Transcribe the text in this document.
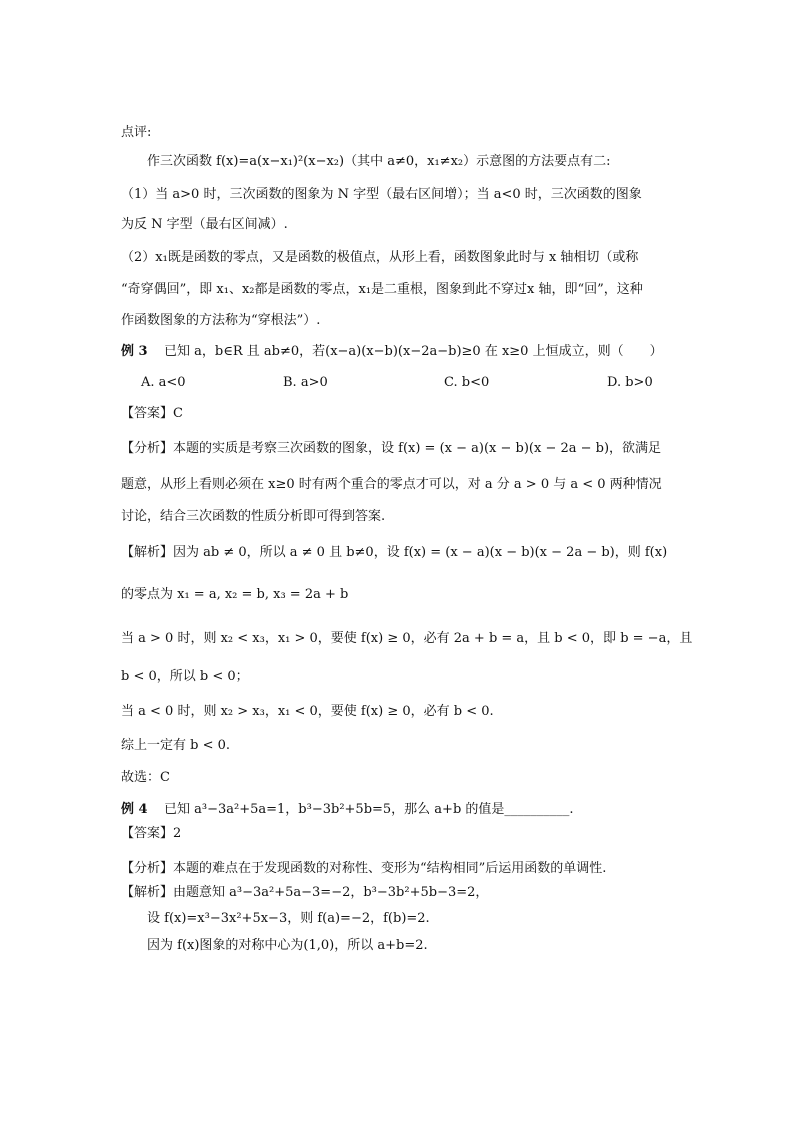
点评:
作三次函数 f(x)=a(x−x₁)²(x−x₂)（其中 a≠0，x₁≠x₂）示意图的方法要点有二:
（1）当 a>0 时，三次函数的图象为 N 字型（最右区间增）；当 a<0 时，三次函数的图象
为反 N 字型（最右区间减）.
（2）x₁既是函数的零点，又是函数的极值点，从形上看，函数图象此时与 x 轴相切（或称
“奇穿偶回”，即 x₁、x₂都是函数的零点，x₁是二重根，图象到此不穿过x 轴，即“回”，这种
作函数图象的方法称为“穿根法”）.
例 3 已知 a，b∈R 且 ab≠0，若(x−a)(x−b)(x−2a−b)≥0 在 x≥0 上恒成立，则（　　）
A. a<0	B. a>0	C. b<0	D. b>0
【答案】C
【分析】本题的实质是考察三次函数的图象，设 f(x) = (x − a)(x − b)(x − 2a − b)，欲满足
题意，从形上看则必须在 x≥0 时有两个重合的零点才可以，对 a 分 a > 0 与 a < 0 两种情况
讨论，结合三次函数的性质分析即可得到答案.
【解析】因为 ab ≠ 0，所以 a ≠ 0 且 b≠0，设 f(x) = (x − a)(x − b)(x − 2a − b)，则 f(x)
的零点为 x₁ = a, x₂ = b, x₃ = 2a + b
当 a > 0 时，则 x₂ < x₃，x₁ > 0，要使 f(x) ≥ 0，必有 2a + b = a，且 b < 0，即 b = −a，且
b < 0，所以 b < 0；
当 a < 0 时，则 x₂ > x₃，x₁ < 0，要使 f(x) ≥ 0，必有 b < 0.
综上一定有 b < 0.
故选：C
例 4 已知 a³−3a²+5a=1，b³−3b²+5b=5，那么 a+b 的值是__________.
【答案】2
【分析】本题的难点在于发现函数的对称性、变形为“结构相同”后运用函数的单调性.
【解析】由题意知 a³−3a²+5a−3=−2，b³−3b²+5b−3=2，
设 f(x)=x³−3x²+5x−3，则 f(a)=−2，f(b)=2.
因为 f(x)图象的对称中心为(1,0)，所以 a+b=2.
